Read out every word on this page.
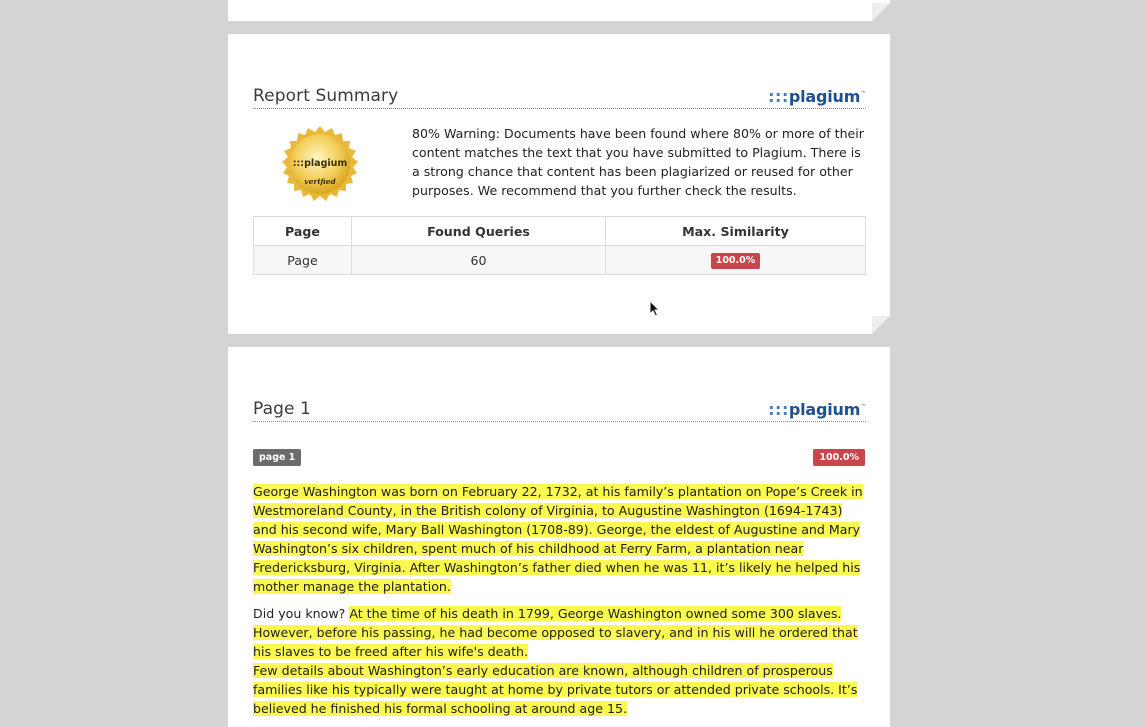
Report Summary	:::plagium™
:::plagium
verified
80% Warning: Documents have been found where 80% or more of their content matches the text that you have submitted to Plagium. There is a strong chance that content has been plagiarized or reused for other purposes. We recommend that you further check the results.
Page	Found Queries	Max. Similarity
Page	60	100.0%
Page 1	:::plagium™
page 1	100.0%

George Washington was born on February 22, 1732, at his family’s plantation on Pope’s Creek in Westmoreland County, in the British colony of Virginia, to Augustine Washington (1694-1743) and his second wife, Mary Ball Washington (1708-89). George, the eldest of Augustine and Mary Washington’s six children, spent much of his childhood at Ferry Farm, a plantation near Fredericksburg, Virginia. After Washington’s father died when he was 11, it’s likely he helped his mother manage the plantation.

Did you know? At the time of his death in 1799, George Washington owned some 300 slaves. However, before his passing, he had become opposed to slavery, and in his will he ordered that his slaves to be freed after his wife's death.

Few details about Washington’s early education are known, although children of prosperous families like his typically were taught at home by private tutors or attended private schools. It’s believed he finished his formal schooling at around age 15.
